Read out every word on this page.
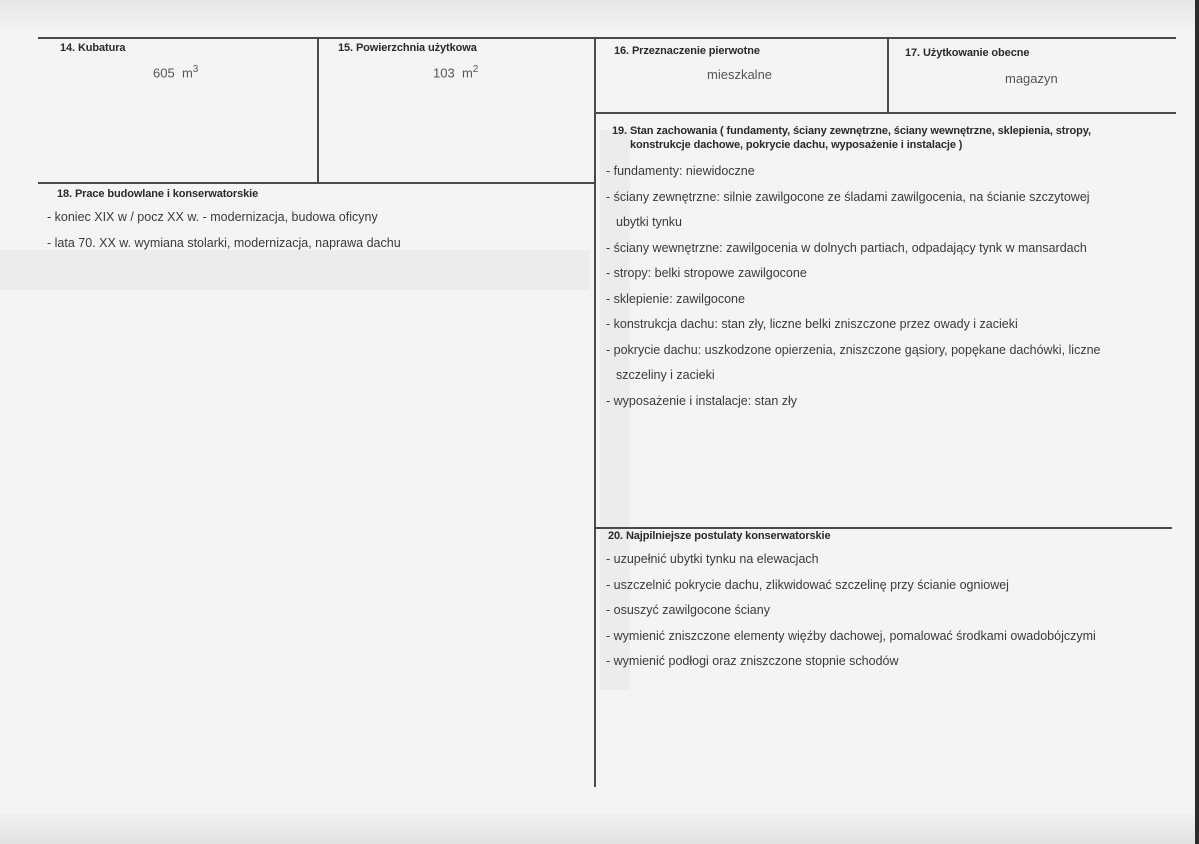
14. Kubatura
605 $m^3$
15. Powierzchnia użytkowa
103 $m^2$
16. Przeznaczenie pierwotne
mieszkalne
17. Użytkowanie obecne
magazyn
18. Prace budowlane i konserwatorskie
- koniec XIX w / pocz XX w. - modernizacja, budowa oficyny
- lata 70. XX w. wymiana stolarki, modernizacja, naprawa dachu
19. Stan zachowania ( fundamenty, ściany zewnętrzne, ściany wewnętrzne, sklepienia, stropy,
konstrukcje dachowe, pokrycie dachu, wyposażenie i instalacje )
- fundamenty: niewidoczne
- ściany zewnętrzne: silnie zawilgocone ze śladami zawilgocenia, na ścianie szczytowej
ubytki tynku
- ściany wewnętrzne: zawilgocenia w dolnych partiach, odpadający tynk w mansardach
- stropy: belki stropowe zawilgocone
- sklepienie: zawilgocone
- konstrukcja dachu: stan zły, liczne belki zniszczone przez owady i zacieki
- pokrycie dachu: uszkodzone opierzenia, zniszczone gąsiory, popękane dachówki, liczne
szczeliny i zacieki
- wyposażenie i instalacje: stan zły
20. Najpilniejsze postulaty konserwatorskie
- uzupełnić ubytki tynku na elewacjach
- uszczelnić pokrycie dachu, zlikwidować szczelinę przy ścianie ogniowej
- osuszyć zawilgocone ściany
- wymienić zniszczone elementy więźby dachowej, pomalować środkami owadobójczymi
- wymienić podłogi oraz zniszczone stopnie schodów
